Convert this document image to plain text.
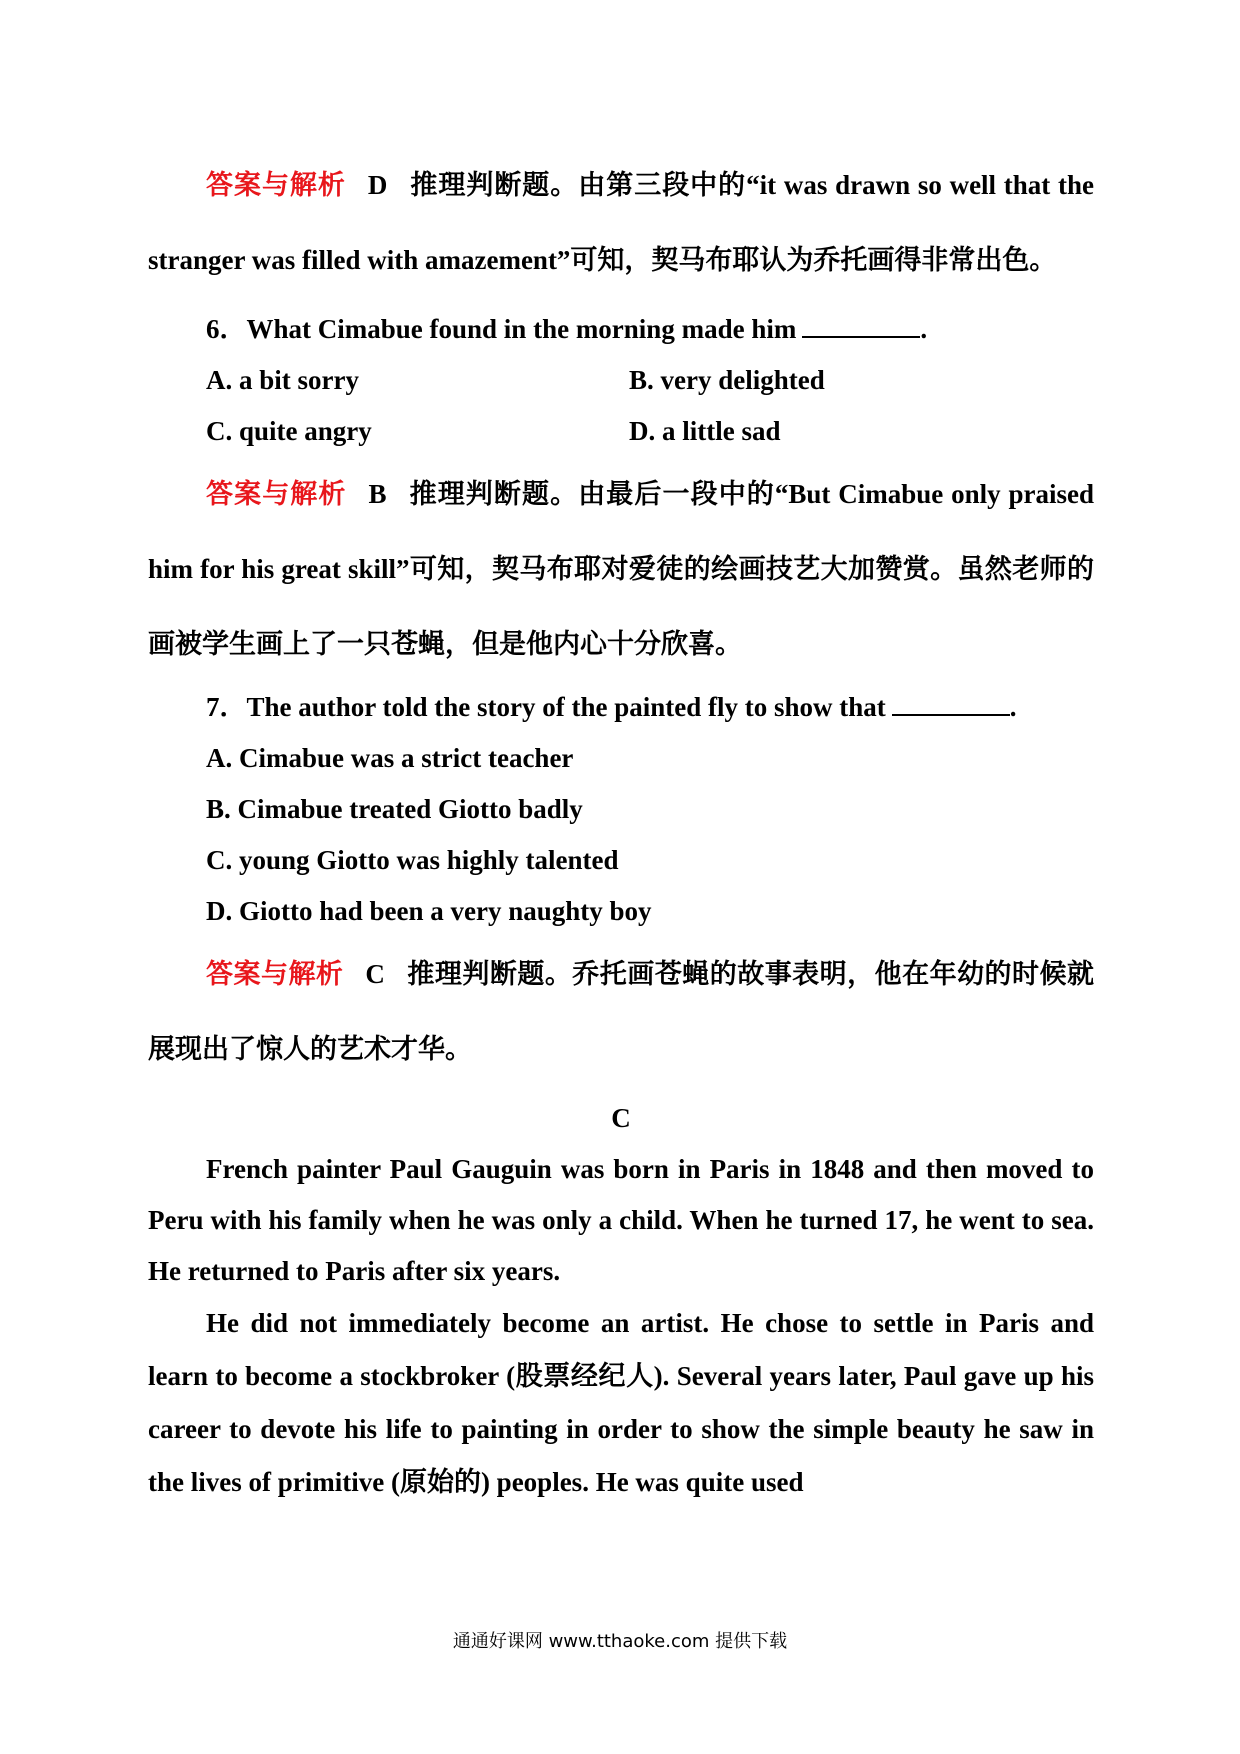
答案与解析 D 推理判断题。由第三段中的“it was drawn so well that the stranger was filled with amazement”可知，契马布耶认为乔托画得非常出色。

6．What Cimabue found in the morning made him	.

A. a bit sorry	B. very delighted
C. quite angry	D. a little sad

答案与解析 B 推理判断题。由最后一段中的“But Cimabue only praised him for his great skill”可知，契马布耶对爱徒的绘画技艺大加赞赏。虽然老师的画被学生画上了一只苍蝇，但是他内心十分欣喜。

7．The author told the story of the painted fly to show that	.

A. Cimabue was a strict teacher

B. Cimabue treated Giotto badly

C. young Giotto was highly talented

D. Giotto had been a very naughty boy

答案与解析 C 推理判断题。乔托画苍蝇的故事表明，他在年幼的时候就展现出了惊人的艺术才华。

C

French painter Paul Gauguin was born in Paris in 1848 and then moved to Peru with his family when he was only a child. When he turned 17, he went to sea. He returned to Paris after six years.

He did not immediately become an artist. He chose to settle in Paris and learn to become a stockbroker (股票经纪人). Several years later, Paul gave up his career to devote his life to painting in order to show the simple beauty he saw in the lives of primitive (原始的) peoples. He was quite used

通通好课网 www.tthaoke.com 提供下载
